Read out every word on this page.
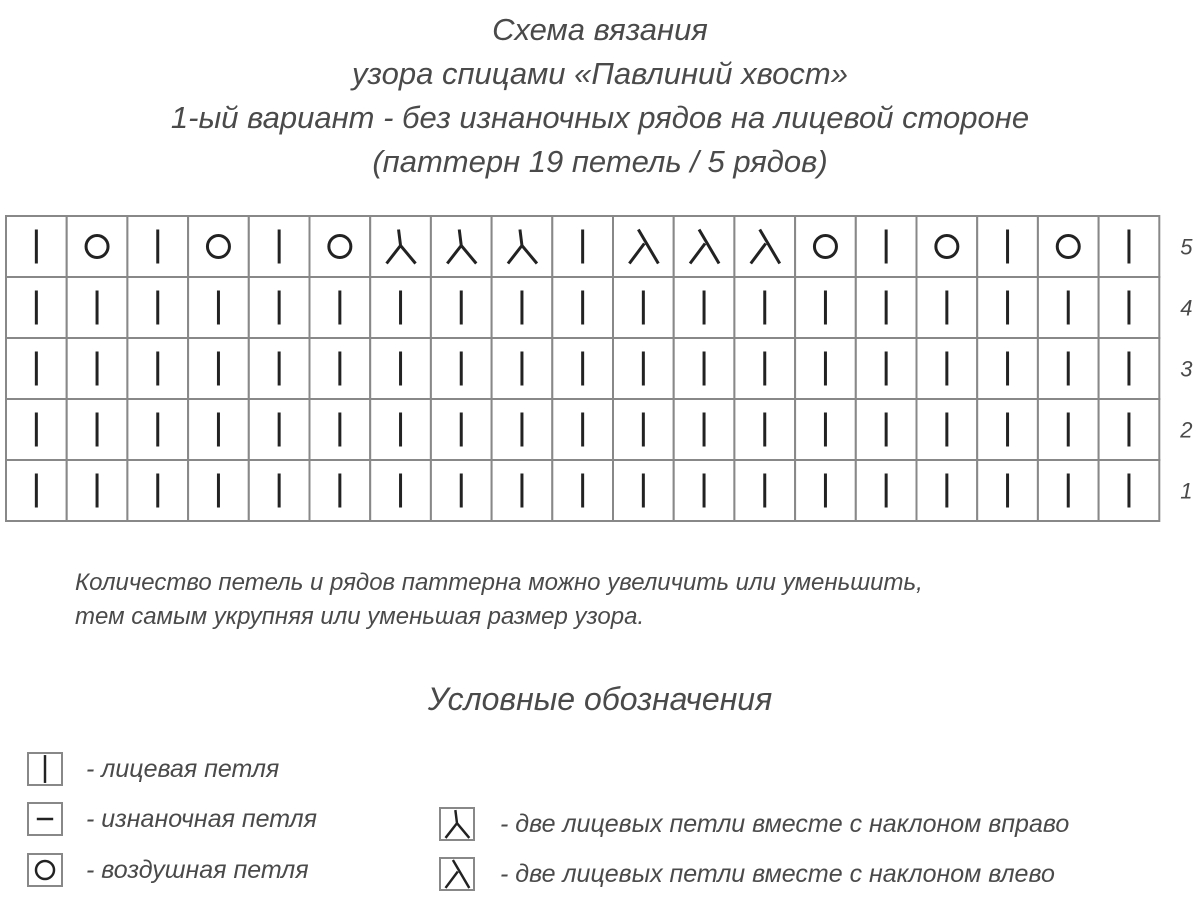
Схема вязания
узора спицами «Павлиний хвост»
1-ый вариант - без изнаночных рядов на лицевой стороне
(паттерн 19 петель / 5 рядов)
5
4
3
2
1
Количество петель и рядов паттерна можно увеличить или уменьшить,
тем самым укрупняя или уменьшая размер узора.
Условные обозначения
- лицевая петля
- изнаночная петля
- воздушная петля
- две лицевых петли вместе с наклоном вправо
- две лицевых петли вместе с наклоном влево
